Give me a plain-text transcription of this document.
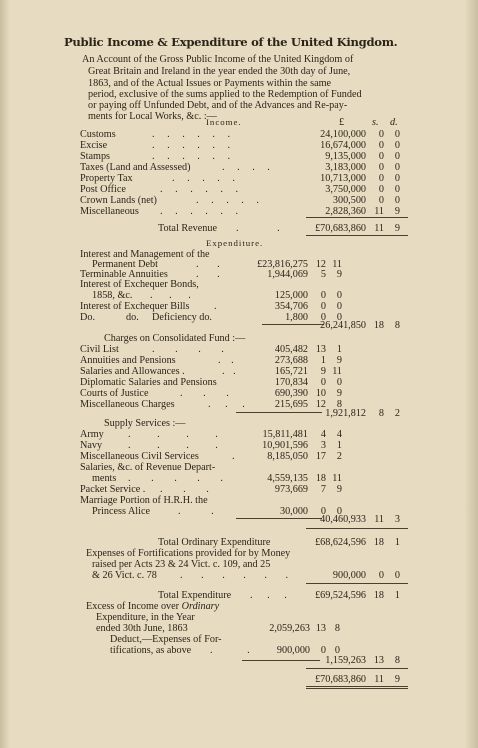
Public Income & Expenditure of the United Kingdom.
An Account of the Gross Public Income of the United Kingdom of
Great Britain and Ireland in the year ended the 30th day of June,
1863, and of the Actual Issues or Payments within the same
period, exclusive of the sums applied to the Redemption of Funded
or paying off Unfunded Debt, and of the Advances and Re-pay-
ments for Local Works, &c. :—
Income.	£	s. d.
Customs	. . . . . .	24,100,000 0 0
Excise	. . . . . .	16,674,000 0 0
Stamps	. . . . . .	9,135,000 0 0
Taxes (Land and Assessed)	. . . .	3,183,000 0 0
Property Tax	. . . . .	10,713,000 0 0
Post Office	. . . . . .	3,750,000 0 0
Crown Lands (net)	. . . . .	300,500 0 0
Miscellaneous . . . . . .	2,828,360 11 9
Total Revenue . . £70,683,860 11 9
Expenditure.
Interest and Management of the
Permanent Debt	. .	£23,816,275 12 11
Terminable Annuities	. .	1,944,069 5 9
Interest of Exchequer Bonds,
1858, &c. . . .	125,000 0 0
Interest of Exchequer Bills .	354,706 0 0
Do.	do. Deficiency do.	1,800 0 0
26,241,850 18 8
Charges on Consolidated Fund :—
Civil List	. . . .	405,482 13 1
Annuities and Pensions	. .	273,688 1 9
Salaries and Allowances .	. .	165,721 9 11
Diplomatic Salaries and Pensions	170,834 0 0
Courts of Justice	. . .	690,390 10 9
Miscellaneous Charges	. . . 215,695 12 8
1,921,812 8 2
Supply Services :—
Army . . . .	15,811,481 4 4
Navy	. . . .	10,901,596 3 1
Miscellaneous Civil Services	.	8,185,050 17 2
Salaries, &c. of Revenue Depart-
ments . . . . .	4,559,135 18 11
Packet Service . . . .	973,669 7 9
Marriage Portion of H.R.H. the
Princess Alice	. .	30,000 0 0
40,460,933 11 3
Total Ordinary Expenditure	£68,624,596 18 1
Expenses of Fortifications provided for by Money
raised per Acts 23 & 24 Vict. c. 109, and 25
& 26 Vict. c. 78 . . . . . .	900,000 0 0
Total Expenditure . . . £69,524,596 18 1
Excess of Income over Ordinary
Expenditure, in the Year
ended 30th June, 1863	2,059,263 13 8
Deduct,—Expenses of For-
tifications, as above . . 900,000 0 0
1,159,263 13 8
£70,683,860 11 9
